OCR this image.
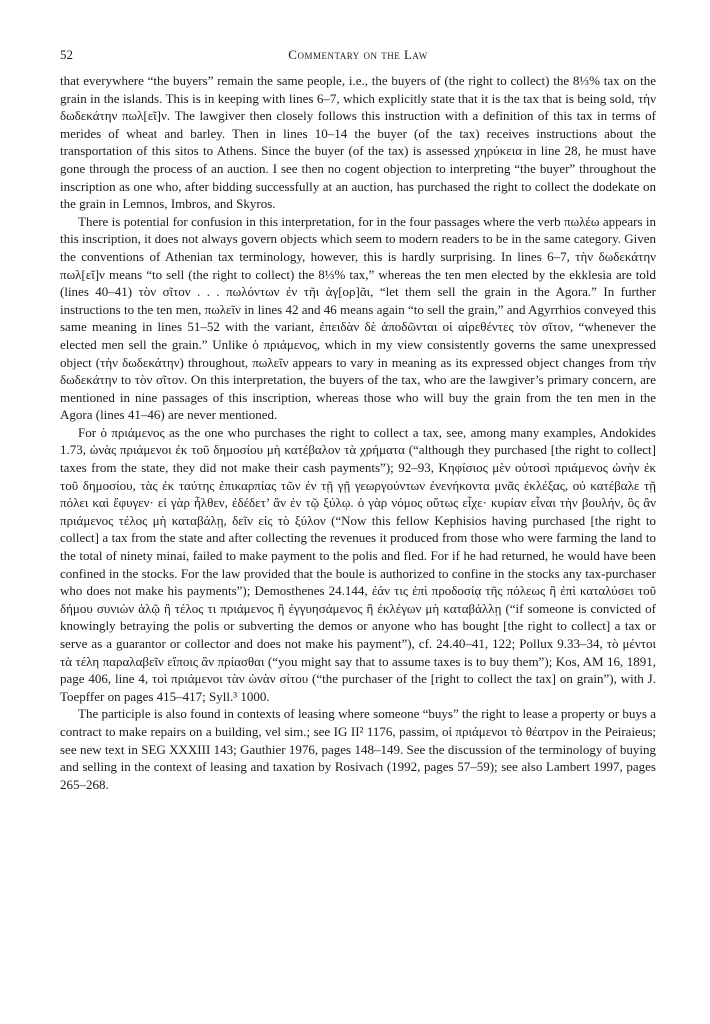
52	Commentary on the Law

that everywhere “the buyers” remain the same people, i.e., the buyers of (the right to collect) the 8⅓% tax on the grain in the islands. This is in keeping with lines 6–7, which explicitly state that it is the tax that is being sold, τὴν δωδεκάτην πωλ[εῖ]ν. The lawgiver then closely follows this instruction with a definition of this tax in terms of merides of wheat and barley. Then in lines 10–14 the buyer (of the tax) receives instructions about the transportation of this sitos to Athens. Since the buyer (of the tax) is assessed χηρύκεια in line 28, he must have gone through the process of an auction. I see then no cogent objection to interpreting “the buyer” throughout the inscription as one who, after bidding successfully at an auction, has purchased the right to collect the dodekate on the grain in Lemnos, Imbros, and Skyros.

There is potential for confusion in this interpretation, for in the four passages where the verb πωλέω appears in this inscription, it does not always govern objects which seem to modern readers to be in the same category. Given the conventions of Athenian tax terminology, however, this is hardly surprising. In lines 6–7, τὴν δωδεκάτην πωλ[εῖ]ν means “to sell (the right to collect) the 8⅓% tax,” whereas the ten men elected by the ekklesia are told (lines 40–41) τὸν σῖτον . . . πωλόντων ἐν τῆι ἀγ[ορ]ᾶι, “let them sell the grain in the Agora.” In further instructions to the ten men, πωλεῖν in lines 42 and 46 means again “to sell the grain,” and Agyrrhios conveyed this same meaning in lines 51–52 with the variant, ἐπειδὰν δὲ ἀποδῶνται οἱ αἱρεθέντες τὸν σῖτον, “whenever the elected men sell the grain.” Unlike ὁ πριάμενος, which in my view consistently governs the same unexpressed object (τὴν δωδεκάτην) throughout, πωλεῖν appears to vary in meaning as its expressed object changes from τὴν δωδεκάτην to τὸν σῖτον. On this interpretation, the buyers of the tax, who are the lawgiver’s primary concern, are mentioned in nine passages of this inscription, whereas those who will buy the grain from the ten men in the Agora (lines 41–46) are never mentioned.

For ὁ πριάμενος as the one who purchases the right to collect a tax, see, among many examples, Andokides 1.73, ὠνὰς πριάμενοι ἐκ τοῦ δημοσίου μὴ κατέβαλον τὰ χρήματα (“although they purchased [the right to collect] taxes from the state, they did not make their cash payments”); 92–93, Κηφίσιος μὲν οὑτοσὶ πριάμενος ὠνὴν ἐκ τοῦ δημοσίου, τὰς ἐκ ταύτης ἐπικαρπίας τῶν ἐν τῇ γῇ γεωργούντων ἐνενήκοντα μνᾶς ἐκλέξας, οὐ κατέβαλε τῇ πόλει καὶ ἔφυγεν· εἰ γὰρ ἦλθεν, ἐδέδετ’ ἂν ἐν τῷ ξύλῳ. ὁ γὰρ νόμος οὕτως εἶχε· κυρίαν εἶναι τὴν βουλήν, ὃς ἂν πριάμενος τέλος μὴ καταβάλῃ, δεῖν εἰς τὸ ξύλον (“Now this fellow Kephisios having purchased [the right to collect] a tax from the state and after collecting the revenues it produced from those who were farming the land to the total of ninety minai, failed to make payment to the polis and fled. For if he had returned, he would have been confined in the stocks. For the law provided that the boule is authorized to confine in the stocks any tax-purchaser who does not make his payments”); Demosthenes 24.144, ἐάν τις ἐπὶ προδοσίᾳ τῆς πόλεως ἢ ἐπὶ καταλύσει τοῦ δήμου συνιὼν ἁλῷ ἢ τέλος τι πριάμενος ἢ ἐγγυησάμενος ἢ ἐκλέγων μὴ καταβάλλῃ (“if someone is convicted of knowingly betraying the polis or subverting the demos or anyone who has bought [the right to collect] a tax or serve as a guarantor or collector and does not make his payment”), cf. 24.40–41, 122; Pollux 9.33–34, τὸ μέντοι τὰ τέλη παραλαβεῖν εἴποις ἂν πρίασθαι (“you might say that to assume taxes is to buy them”); Kos, AM 16, 1891, page 406, line 4, τοὶ πριάμενοι τὰν ὠνὰν σίτου (“the purchaser of the [right to collect the tax] on grain”), with J. Toepffer on pages 415–417; Syll.³ 1000.

The participle is also found in contexts of leasing where someone “buys” the right to lease a property or buys a contract to make repairs on a building, vel sim.; see IG II² 1176, passim, οἱ πριάμενοι τὸ θέατρον in the Peiraieus; see new text in SEG XXXIII 143; Gauthier 1976, pages 148–149. See the discussion of the terminology of buying and selling in the context of leasing and taxation by Rosivach (1992, pages 57–59); see also Lambert 1997, pages 265–268.
